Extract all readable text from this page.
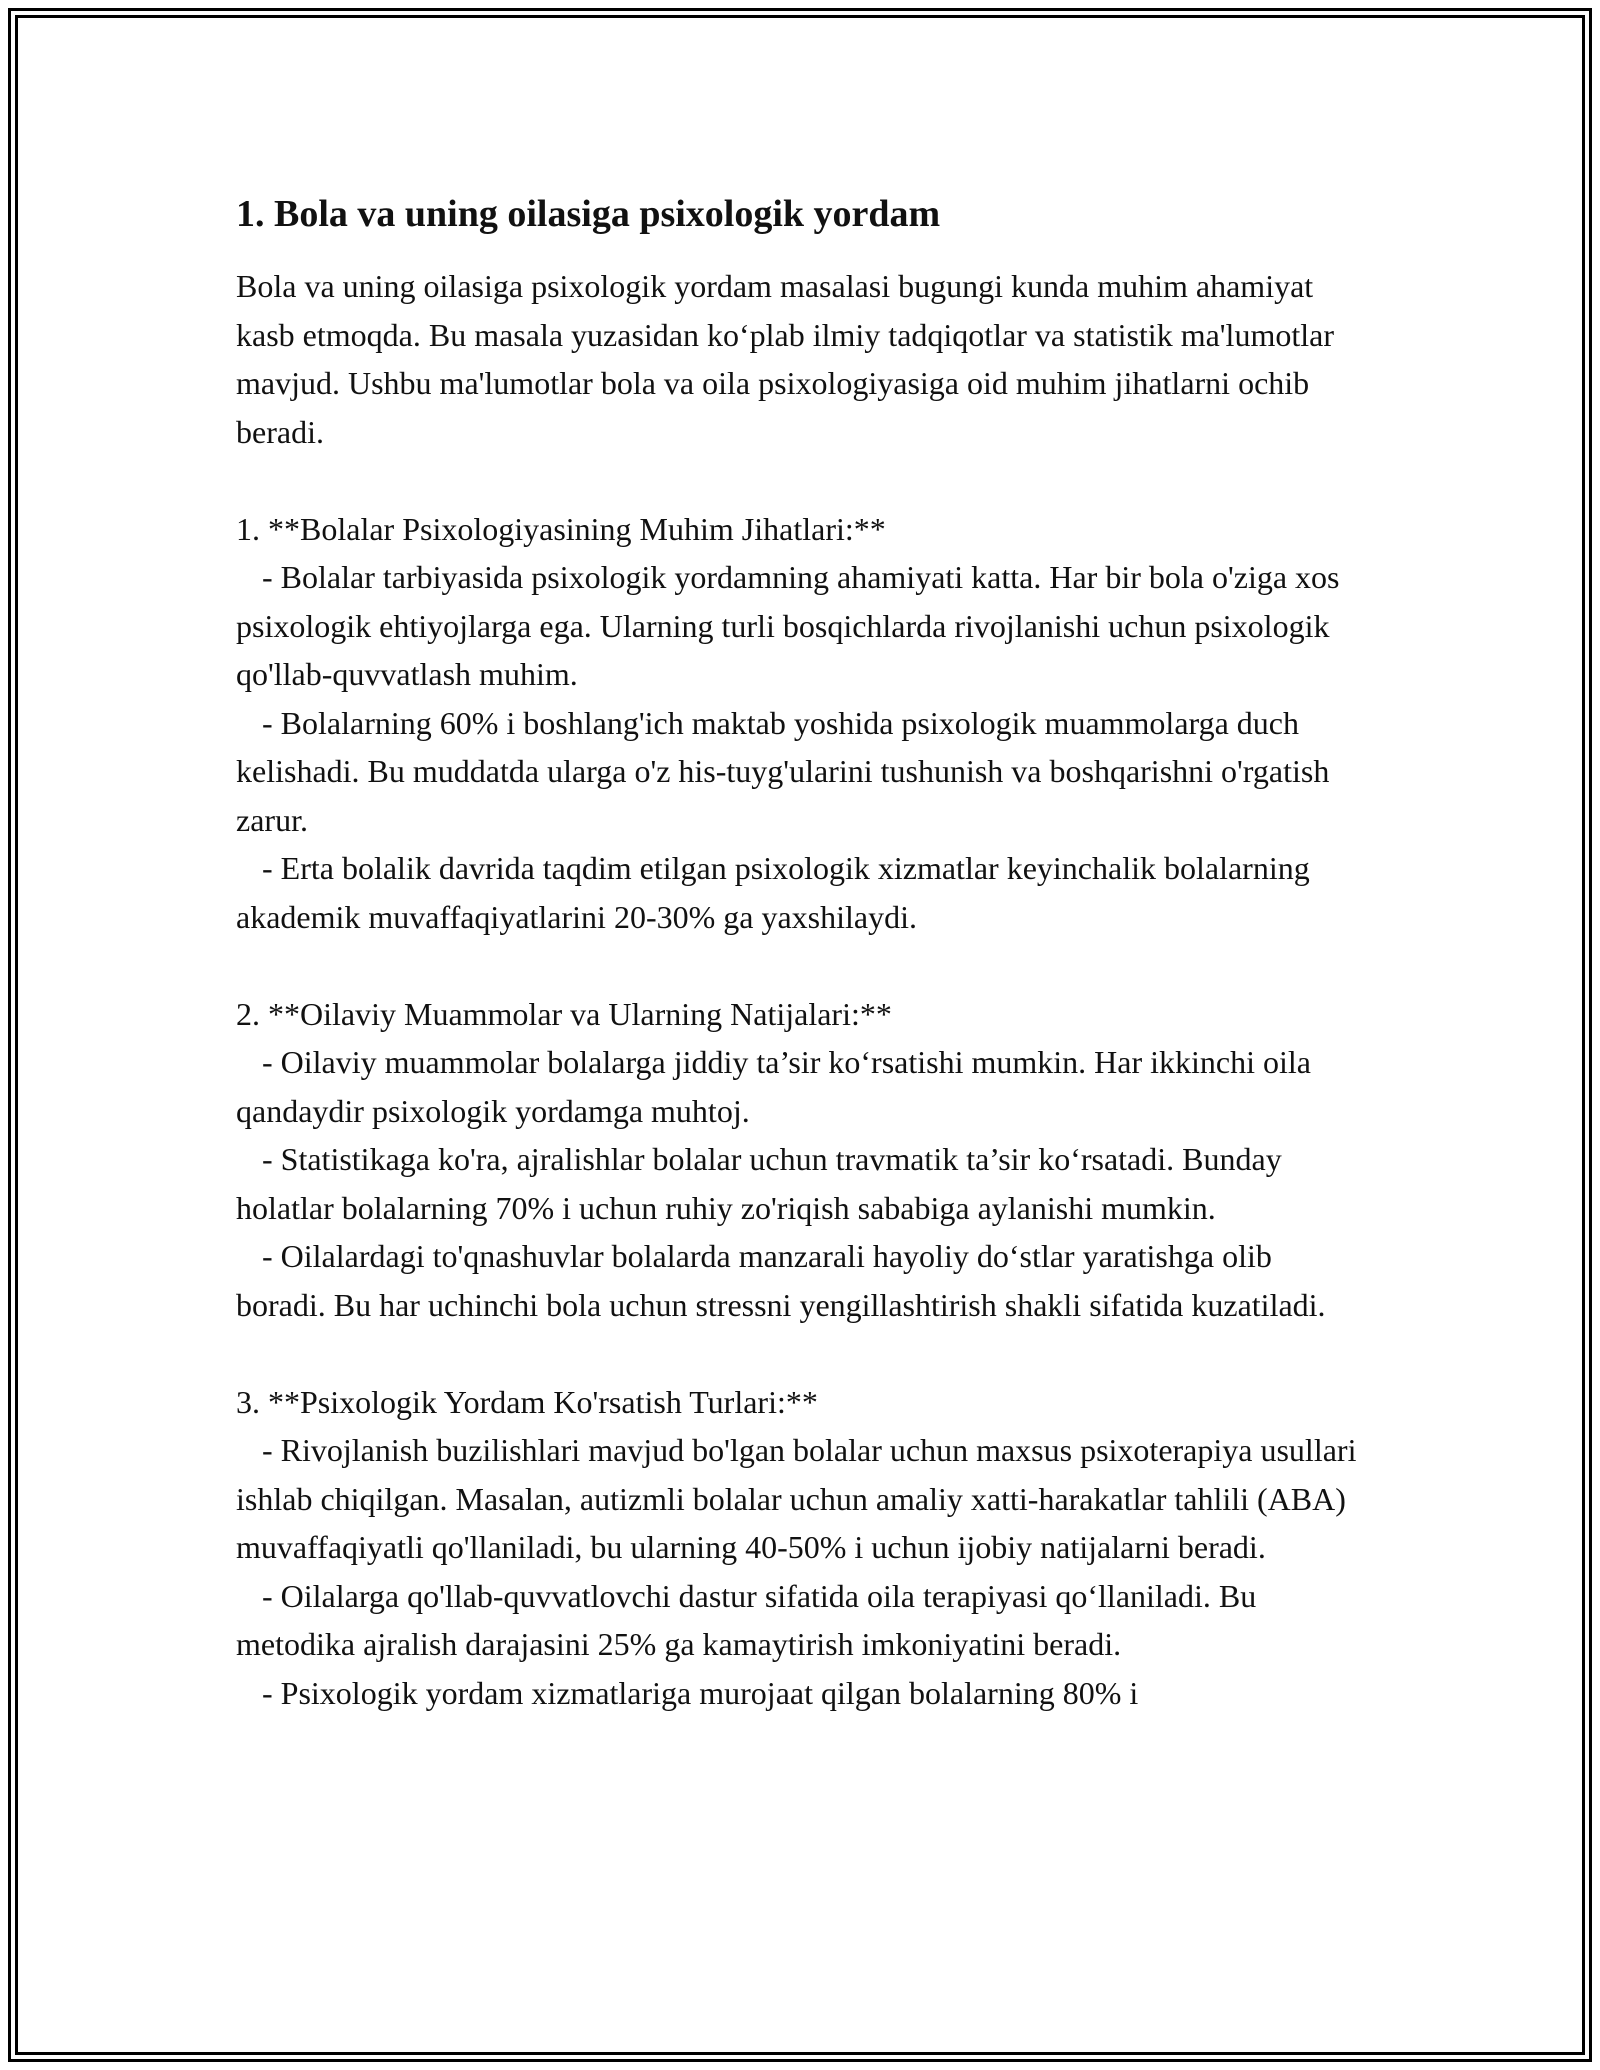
1. Bola va uning oilasiga psixologik yordam

Bola va uning oilasiga psixologik yordam masalasi bugungi kunda muhim ahamiyat kasb etmoqda. Bu masala yuzasidan ko‘plab ilmiy tadqiqotlar va statistik ma'lumotlar mavjud. Ushbu ma'lumotlar bola va oila psixologiyasiga oid muhim jihatlarni ochib beradi.

1. **Bolalar Psixologiyasining Muhim Jihatlari:**

- Bolalar tarbiyasida psixologik yordamning ahamiyati katta. Har bir bola o'ziga xos psixologik ehtiyojlarga ega. Ularning turli bosqichlarda rivojlanishi uchun psixologik qo'llab-quvvatlash muhim.

- Bolalarning 60% i boshlang'ich maktab yoshida psixologik muammolarga duch kelishadi. Bu muddatda ularga o'z his-tuyg'ularini tushunish va boshqarishni o'rgatish zarur.

- Erta bolalik davrida taqdim etilgan psixologik xizmatlar keyinchalik bolalarning akademik muvaffaqiyatlarini 20-30% ga yaxshilaydi.

2. **Oilaviy Muammolar va Ularning Natijalari:**

- Oilaviy muammolar bolalarga jiddiy ta’sir ko‘rsatishi mumkin. Har ikkinchi oila qandaydir psixologik yordamga muhtoj.

- Statistikaga ko'ra, ajralishlar bolalar uchun travmatik ta’sir ko‘rsatadi. Bunday holatlar bolalarning 70% i uchun ruhiy zo'riqish sababiga aylanishi mumkin.

- Oilalardagi to'qnashuvlar bolalarda manzarali hayoliy do‘stlar yaratishga olib boradi. Bu har uchinchi bola uchun stressni yengillashtirish shakli sifatida kuzatiladi.

3. **Psixologik Yordam Ko'rsatish Turlari:**

- Rivojlanish buzilishlari mavjud bo'lgan bolalar uchun maxsus psixoterapiya usullari ishlab chiqilgan. Masalan, autizmli bolalar uchun amaliy xatti-harakatlar tahlili (ABA) muvaffaqiyatli qo'llaniladi, bu ularning 40-50% i uchun ijobiy natijalarni beradi.

- Oilalarga qo'llab-quvvatlovchi dastur sifatida oila terapiyasi qo‘llaniladi. Bu metodika ajralish darajasini 25% ga kamaytirish imkoniyatini beradi.

- Psixologik yordam xizmatlariga murojaat qilgan bolalarning 80% i
